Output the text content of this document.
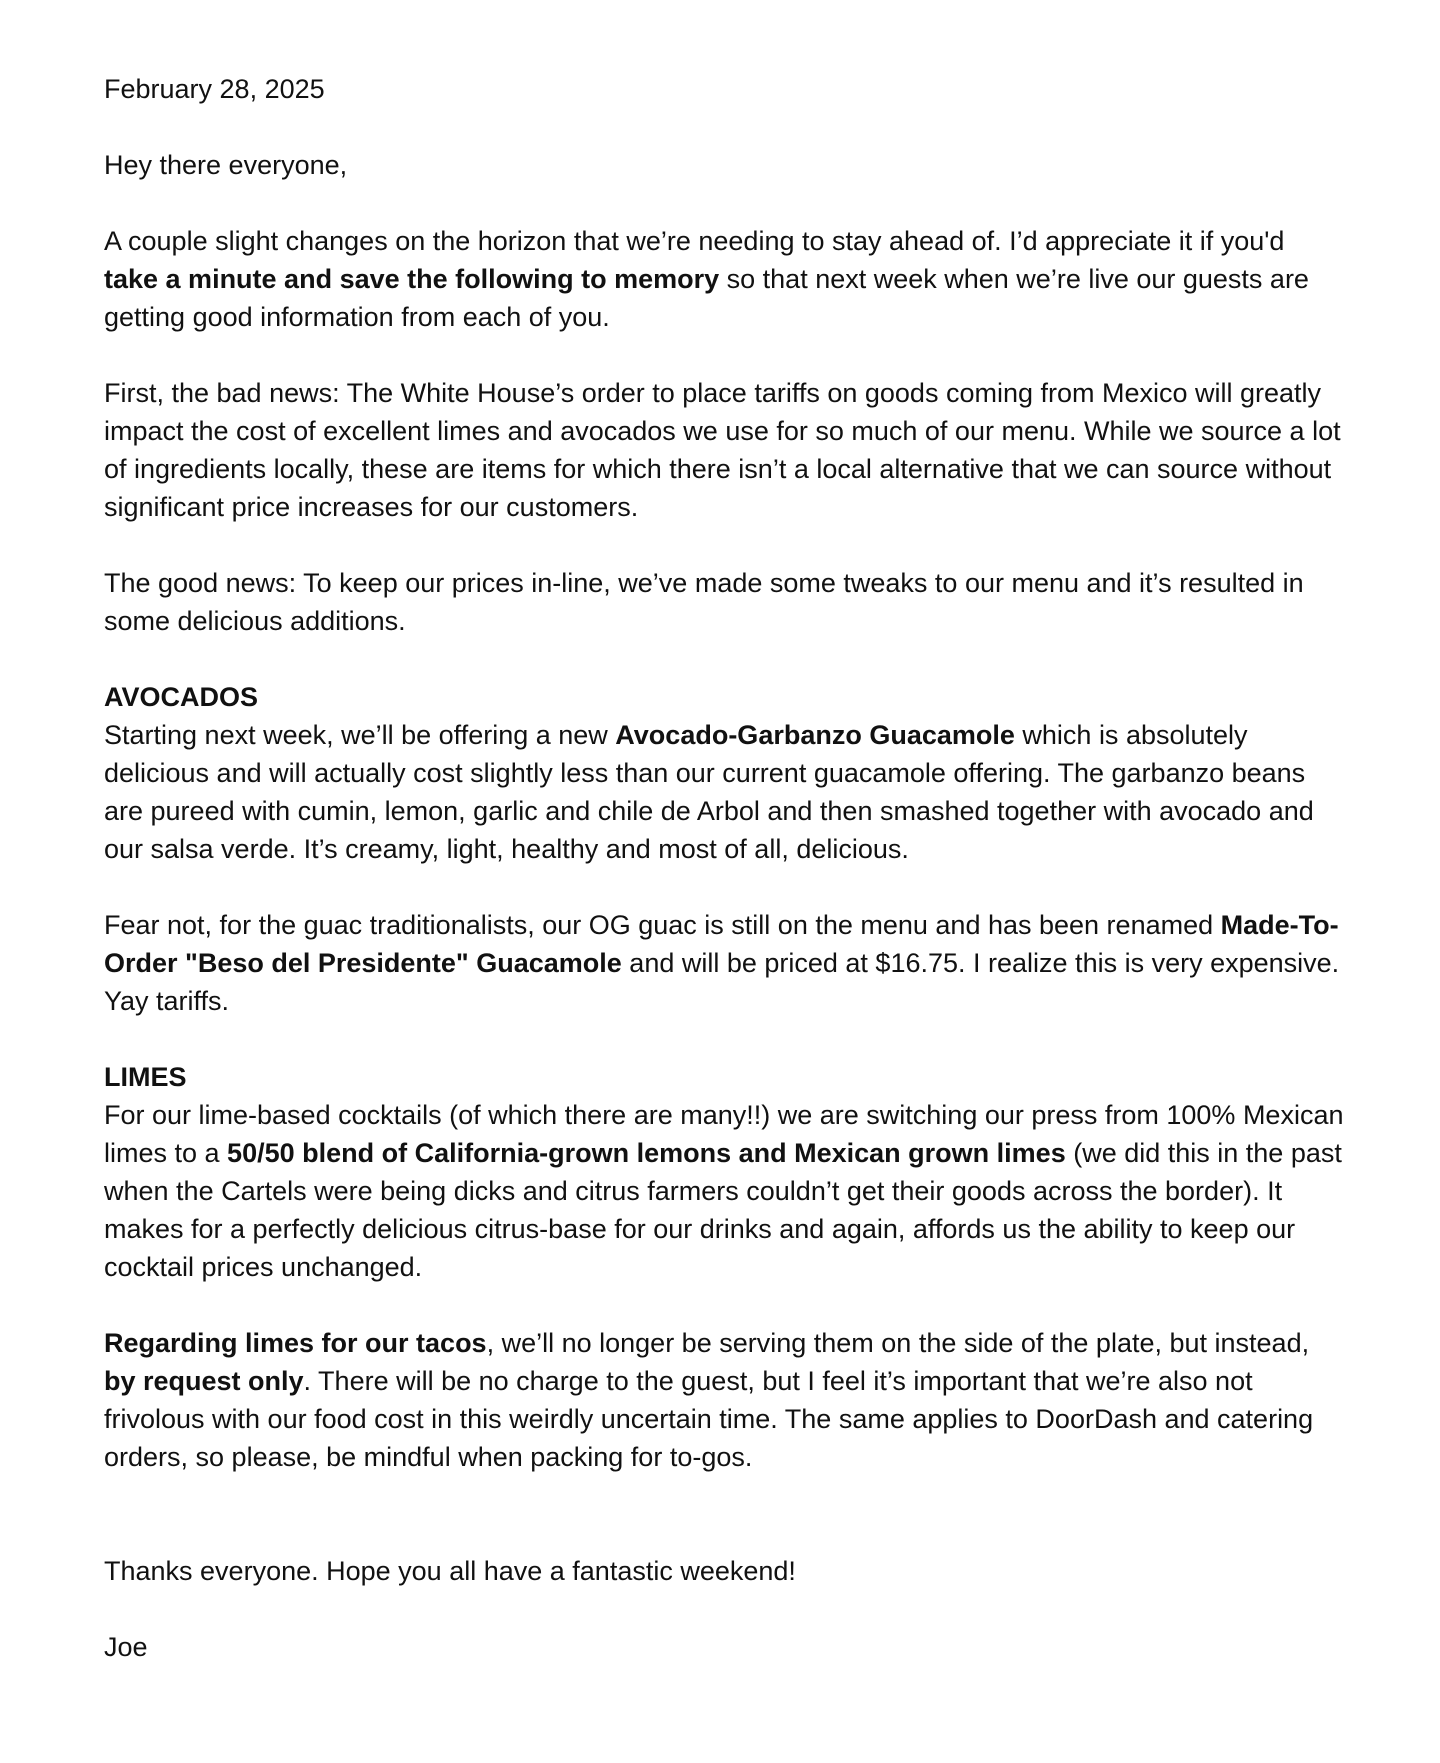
February 28, 2025

Hey there everyone,

A couple slight changes on the horizon that we’re needing to stay ahead of. I’d appreciate it if you'd take a minute and save the following to memory so that next week when we’re live our guests are getting good information from each of you.

First, the bad news: The White House’s order to place tariffs on goods coming from Mexico will greatly impact the cost of excellent limes and avocados we use for so much of our menu. While we source a lot of ingredients locally, these are items for which there isn’t a local alternative that we can source without significant price increases for our customers.

The good news: To keep our prices in-line, we’ve made some tweaks to our menu and it’s resulted in some delicious additions.

AVOCADOS

Starting next week, we’ll be offering a new Avocado-Garbanzo Guacamole which is absolutely delicious and will actually cost slightly less than our current guacamole offering. The garbanzo beans are pureed with cumin, lemon, garlic and chile de Arbol and then smashed together with avocado and our salsa verde. It’s creamy, light, healthy and most of all, delicious.

Fear not, for the guac traditionalists, our OG guac is still on the menu and has been renamed Made-To-Order "Beso del Presidente" Guacamole and will be priced at $16.75. I realize this is very expensive. Yay tariffs.

LIMES

For our lime-based cocktails (of which there are many!!) we are switching our press from 100% Mexican limes to a 50/50 blend of California-grown lemons and Mexican grown limes (we did this in the past when the Cartels were being dicks and citrus farmers couldn’t get their goods across the border). It makes for a perfectly delicious citrus-base for our drinks and again, affords us the ability to keep our cocktail prices unchanged.

Regarding limes for our tacos, we’ll no longer be serving them on the side of the plate, but instead, by request only. There will be no charge to the guest, but I feel it’s important that we’re also not frivolous with our food cost in this weirdly uncertain time. The same applies to DoorDash and catering orders, so please, be mindful when packing for to-gos.

Thanks everyone. Hope you all have a fantastic weekend!

Joe
